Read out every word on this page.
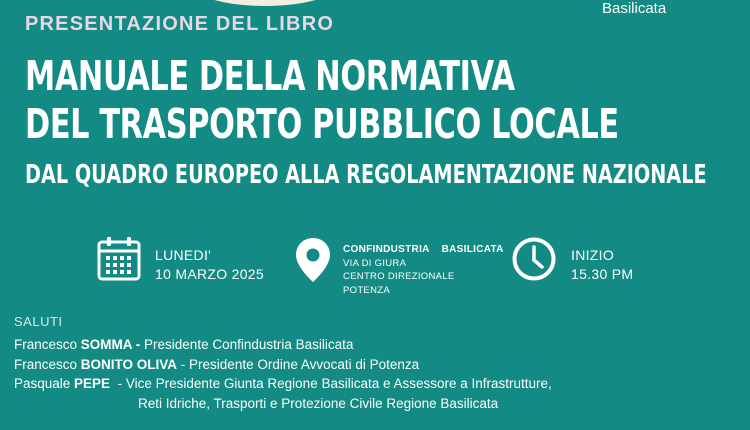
Basilicata
PRESENTAZIONE DEL LIBRO
MANUALE DELLA NORMATIVA
DEL TRASPORTO PUBBLICO LOCALE
DAL QUADRO EUROPEO ALLA REGOLAMENTAZIONE NAZIONALE
LUNEDI'
10 MARZO 2025
CONFINDUSTRIA    BASILICATA
VIA DI GIURA
CENTRO DIREZIONALE
POTENZA
INIZIO
15.30 PM
SALUTI
Francesco SOMMA - Presidente Confindustria Basilicata
Francesco BONITO OLIVA - Presidente Ordine Avvocati di Potenza
Pasquale PEPE  - Vice Presidente Giunta Regione Basilicata e Assessore a Infrastrutture,
Reti Idriche, Trasporti e Protezione Civile Regione Basilicata
